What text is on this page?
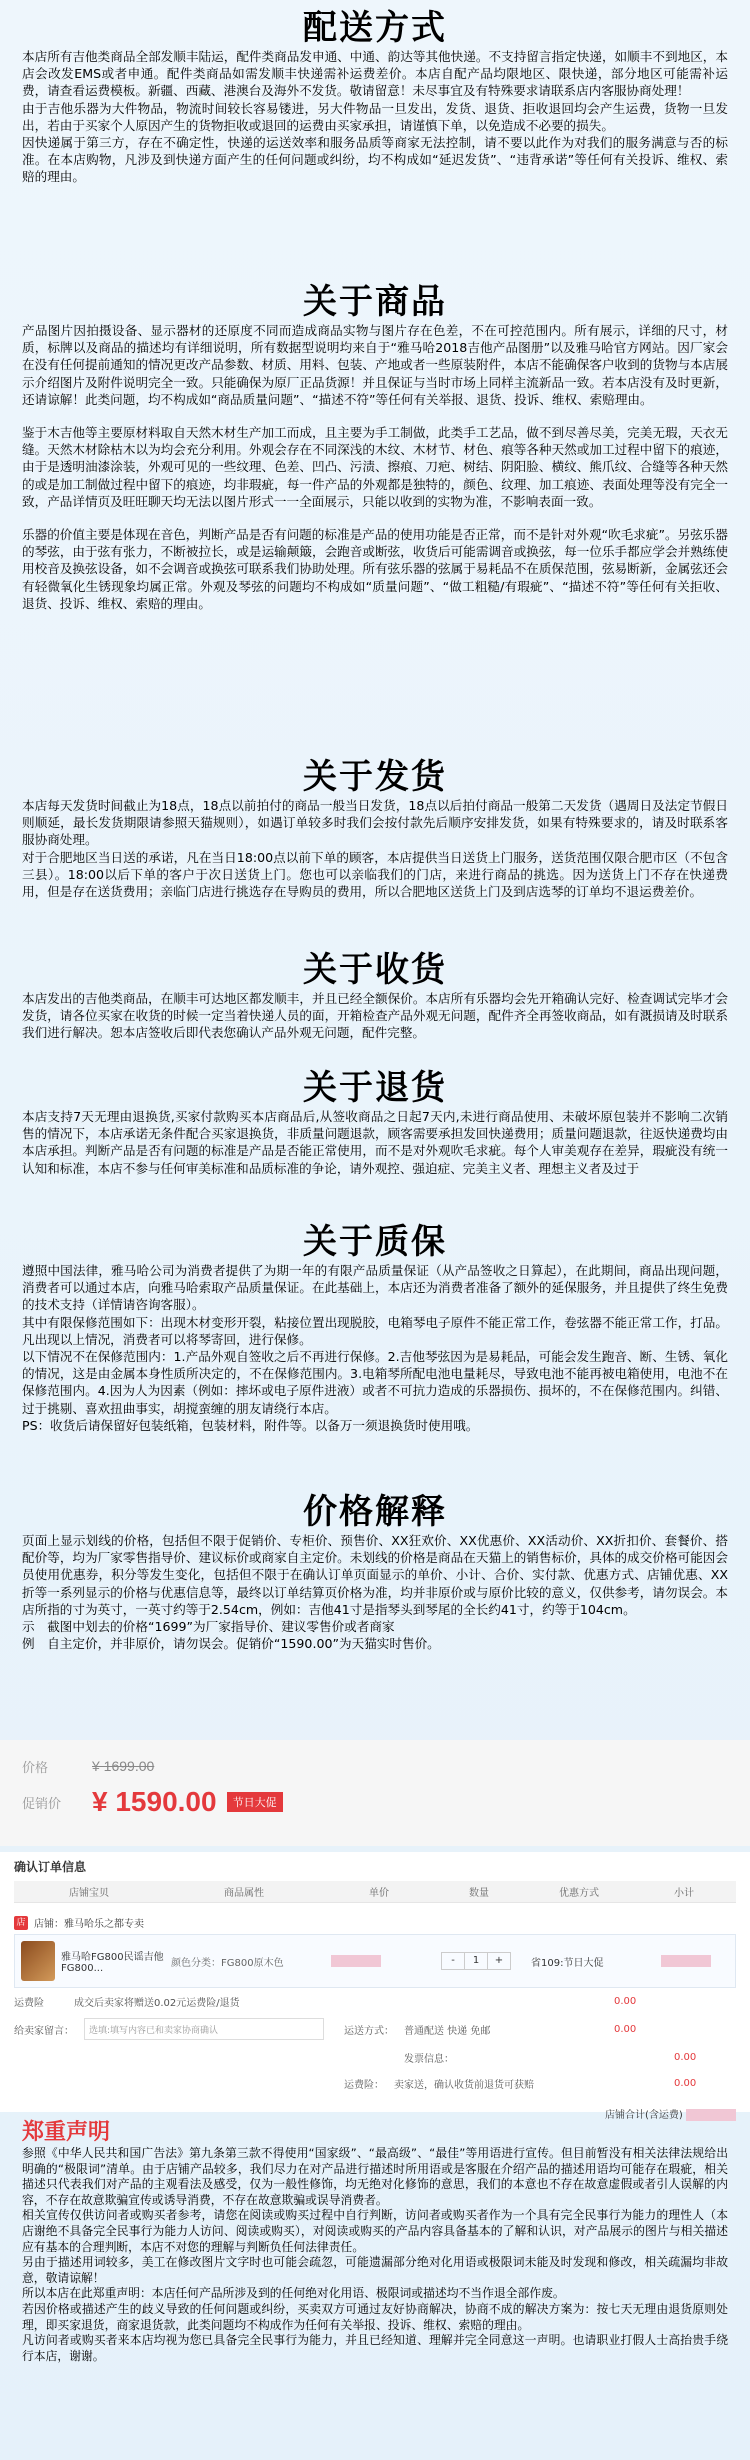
配送方式

本店所有吉他类商品全部发顺丰陆运，配件类商品发申通、中通、韵达等其他快递。不支持留言指定快递，如顺丰不到地区，本店会改发EMS或者申通。配件类商品如需发顺丰快递需补运费差价。本店自配产品均限地区、限快递，部分地区可能需补运费，请查看运费模板。新疆、西藏、港澳台及海外不发货。敬请留意！未尽事宜及有特殊要求请联系店内客服协商处理！

由于吉他乐器为大件物品，物流时间较长容易镂进，另大件物品一旦发出，发货、退货、拒收退回均会产生运费，货物一旦发出，若由于买家个人原因产生的货物拒收或退回的运费由买家承担，请谨慎下单，以免造成不必要的损失。

因快递属于第三方，存在不确定性，快递的运送效率和服务品质等商家无法控制，请不要以此作为对我们的服务满意与否的标准。在本店购物，凡涉及到快递方面产生的任何问题或纠纷，均不构成如“延迟发货”、“违背承诺”等任何有关投诉、维权、索赔的理由。

关于商品

产品图片因拍摄设备、显示器材的还原度不同而造成商品实物与图片存在色差，不在可控范围内。所有展示，详细的尺寸，材质，标牌以及商品的描述均有详细说明，所有数据型说明均来自于“雅马哈2018吉他产品图册”以及雅马哈官方网站。因厂家会在没有任何提前通知的情况更改产品参数、材质、用料、包装、产地或者一些原装附件，本店不能确保客户收到的货物与本店展示介绍图片及附件说明完全一致。只能确保为原厂正品货源！并且保证与当时市场上同样主流新品一致。若本店没有及时更新，还请谅解！此类问题，均不构成如“商品质量问题”、“描述不符”等任何有关举报、退货、投诉、维权、索赔理由。

鉴于木吉他等主要原材料取自天然木材生产加工而成，且主要为手工制做，此类手工艺品，做不到尽善尽美，完美无瑕，天衣无缝。天然木材除枯木以为均会充分利用。外观会存在不同深浅的木纹、木材节、材色、痕等各种天然或加工过程中留下的痕迹，由于是透明油漆涂装，外观可见的一些纹理、色差、凹凸、污渍、擦痕、刀疤、树结、阴阳脸、横纹、熊爪纹、合缝等各种天然的或是加工制做过程中留下的痕迹，均非瑕疵，每一件产品的外观都是独特的，颜色、纹理、加工痕迹、表面处理等没有完全一致，产品详情页及旺旺聊天均无法以图片形式一一全面展示，只能以收到的实物为准，不影响表面一致。

乐器的价值主要是体现在音色，判断产品是否有问题的标准是产品的使用功能是否正常，而不是针对外观“吹毛求疵”。另弦乐器的琴弦，由于弦有张力，不断被拉长，或是运输颠簸，会跑音或断弦，收货后可能需调音或换弦，每一位乐手都应学会并熟练使用校音及换弦设备，如不会调音或换弦可联系我们协助处理。所有弦乐器的弦属于易耗品不在质保范围，弦易断新，金属弦还会有轻微氧化生锈现象均属正常。外观及琴弦的问题均不构成如“质量问题”、“做工粗糙/有瑕疵”、“描述不符”等任何有关拒收、退货、投诉、维权、索赔的理由。

关于发货

本店每天发货时间截止为18点，18点以前拍付的商品一般当日发货，18点以后拍付商品一般第二天发货（遇周日及法定节假日则顺延，最长发货期限请参照天猫规则），如遇订单较多时我们会按付款先后顺序安排发货，如果有特殊要求的，请及时联系客服协商处理。

对于合肥地区当日送的承诺，凡在当日18:00点以前下单的顾客，本店提供当日送货上门服务，送货范围仅限合肥市区（不包含三县）。18:00以后下单的客户于次日送货上门。您也可以亲临我们的门店，来进行商品的挑选。因为送货上门不存在快递费用，但是存在送货费用；亲临门店进行挑选存在导购员的费用，所以合肥地区送货上门及到店选琴的订单均不退运费差价。

关于收货

本店发出的吉他类商品，在顺丰可达地区都发顺丰，并且已经全额保价。本店所有乐器均会先开箱确认完好、检查调试完毕才会发货，请各位买家在收货的时候一定当着快递人员的面，开箱检查产品外观无问题，配件齐全再签收商品，如有溉损请及时联系我们进行解决。恕本店签收后即代表您确认产品外观无问题，配件完整。

关于退货

本店支持7天无理由退换货,买家付款购买本店商品后,从签收商品之日起7天内,未进行商品使用、未破坏原包装并不影响二次销售的情况下，本店承诺无条件配合买家退换货，非质量问题退款，顾客需要承担发回快递费用；质量问题退款，往返快递费均由本店承担。判断产品是否有问题的标准是产品是否能正常使用，而不是对外观吹毛求疵。每个人审美观存在差异，瑕疵没有统一认知和标准，本店不参与任何审美标准和品质标准的争论，请外观控、强迫症、完美主义者、理想主义者及过于

关于质保

遵照中国法律，雅马哈公司为消费者提供了为期一年的有限产品质量保证（从产品签收之日算起），在此期间，商品出现问题，消费者可以通过本店，向雅马哈索取产品质量保证。在此基础上，本店还为消费者准备了额外的延保服务，并且提供了终生免费的技术支持（详情请咨询客服）。

其中有限保修范围如下：出现木材变形开裂，粘接位置出现脱胶，电箱琴电子原件不能正常工作，卷弦器不能正常工作，打品。凡出现以上情况，消费者可以将琴寄回，进行保修。

以下情况不在保修范围内：1.产品外观自签收之后不再进行保修。2.吉他琴弦因为是易耗品，可能会发生跑音、断、生锈、氧化的情况，这是由金属本身性质所决定的，不在保修范围内。3.电箱琴所配电池电量耗尽，导致电池不能再被电箱使用，电池不在保修范围内。4.因为人为因素（例如：摔坏或电子原件进液）或者不可抗力造成的乐器损伤、损坏的，不在保修范围内。纠错、过于挑剔、喜欢扭曲事实，胡搅蛮缠的朋友请绕行本店。

PS：收货后请保留好包装纸箱，包装材料，附件等。以备万一须退换货时使用哦。

价格解释

页面上显示划线的价格，包括但不限于促销价、专柜价、预售价、XX狂欢价、XX优惠价、XX活动价、XX折扣价、套餐价、搭配价等，均为厂家零售指导价、建议标价或商家自主定价。未划线的价格是商品在天猫上的销售标价，具体的成交价格可能因会员使用优惠券，积分等发生变化，包括但不限于在确认订单页面显示的单价、小计、合价、实付款、优惠方式、店铺优惠、XX折等一系列显示的价格与优惠信息等，最终以订单结算页价格为准，均并非原价或与原价比较的意义，仅供参考，请勿误会。本店所指的寸为英寸，一英寸约等于2.54cm，例如：吉他41寸是指琴头到琴尾的全长约41寸，约等于104cm。

示　截图中划去的价格“1699”为厂家指导价、建议零售价或者商家

例　自主定价，并非原价，请勿误会。促销价“1590.00”为天猫实时售价。

价格	¥ 1699.00
促销价	¥ 1590.00	节日大促
确认订单信息
店铺宝贝	商品属性	单价	数量	优惠方式	小计
店 店铺：雅马哈乐之都专卖
雅马哈FG800民谣吉他 FG800...	颜色分类：FG800原木色	-	1	+	省109:节日大促
运费险	成交后卖家将赠送0.02元运费险/退货	0.00
给卖家留言：	选填:填写内容已和卖家协商确认	运送方式：	普通配送 快递 免邮	0.00
发票信息：	0.00
运费险：	卖家送，确认收货前退货可获赔	0.00
店铺合计(含运费)
郑重声明

参照《中华人民共和国广告法》第九条第三款不得使用“国家级”、“最高级”、“最佳”等用语进行宣传。但目前暂没有相关法律法规给出明确的“极限词”清单。由于店铺产品较多，我们尽力在对产品进行描述时所用语或是客服在介绍产品的描述用语均可能存在瑕疵，相关描述只代表我们对产品的主观看法及感受，仅为一般性修饰，均无绝对化修饰的意思，我们的本意也不存在故意虚假或者引人误解的内容，不存在故意欺骗宣传或诱导消费，不存在故意欺骗或误导消费者。

相关宣传仅供访问者或购买者参考，请您在阅读或购买过程中自行判断，访问者或购买者作为一个具有完全民事行为能力的理性人（本店谢绝不具备完全民事行为能力人访问、阅读或购买），对阅读或购买的产品内容具备基本的了解和认识，对产品展示的图片与相关描述应有基本的合理判断，本店不对您的理解与判断负任何法律责任。

另由于描述用词较多，美工在修改图片文字时也可能会疏忽，可能遗漏部分绝对化用语或极限词未能及时发现和修改，相关疏漏均非故意，敬请谅解！

所以本店在此郑重声明：本店任何产品所涉及到的任何绝对化用语、极限词或描述均不当作退全部作废。

若因价格或描述产生的歧义导致的任何问题或纠纷，买卖双方可通过友好协商解决，协商不成的解决方案为：按七天无理由退货原则处理，即买家退货，商家退货款，此类问题均不构成作为任何有关举报、投诉、维权、索赔的理由。

凡访问者或购买者来本店均视为您已具备完全民事行为能力，并且已经知道、理解并完全同意这一声明。也请职业打假人士高抬贵手绕行本店，谢谢。
